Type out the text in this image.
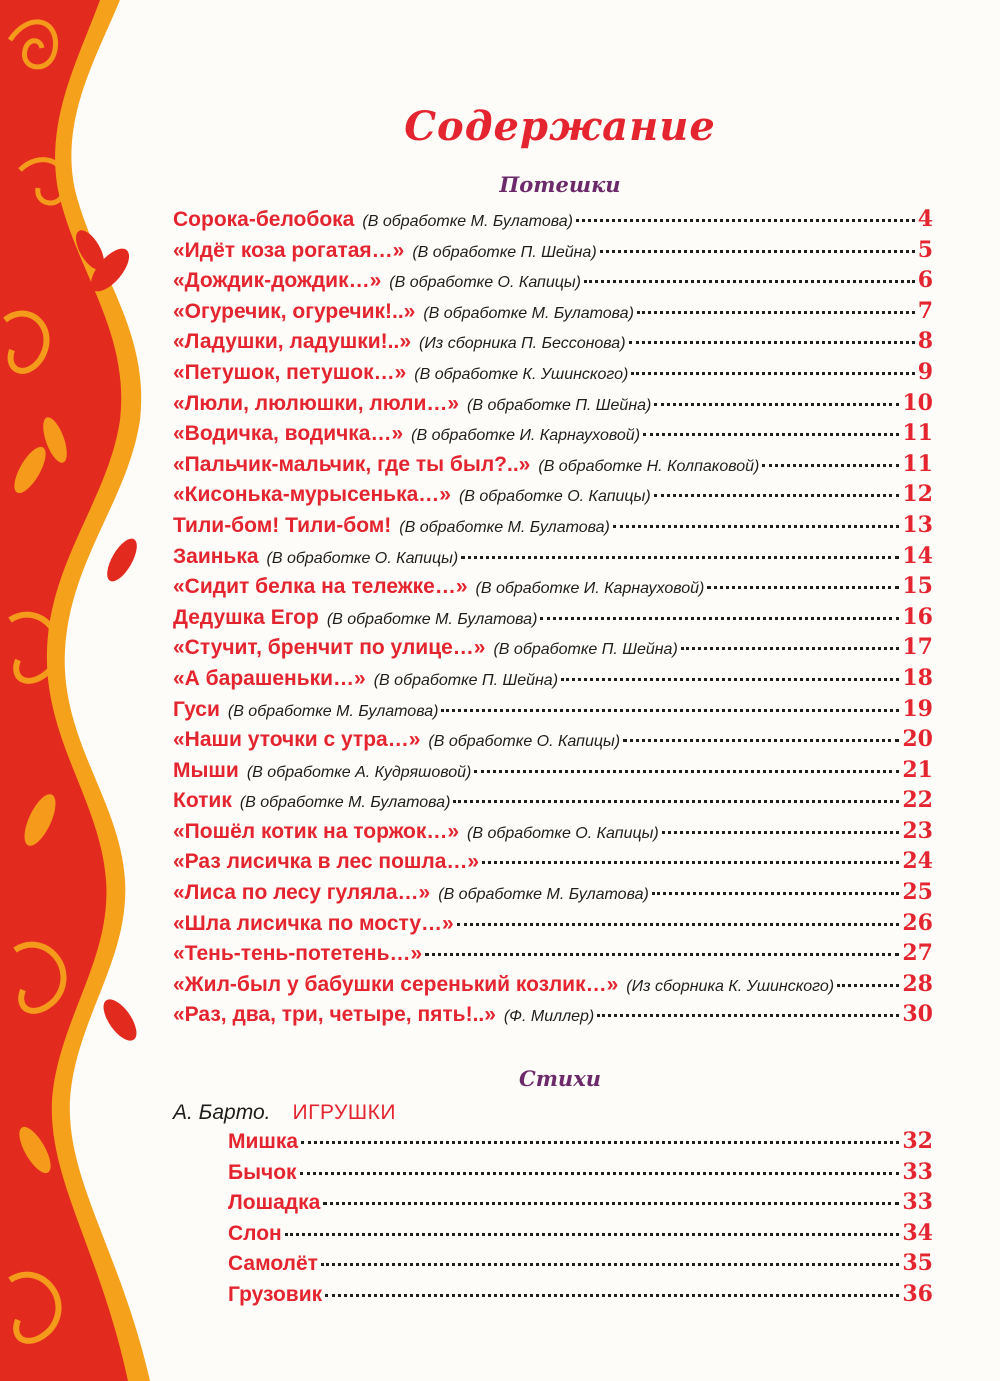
Содержание
Потешки
Сорока-белобока (В обработке М. Булатова)	4
«Идёт коза рогатая…» (В обработке П. Шейна)	5
«Дождик-дождик…» (В обработке О. Капицы)	6
«Огуречик, огуречик!..» (В обработке М. Булатова)	7
«Ладушки, ладушки!..» (Из сборника П. Бессонова)	8
«Петушок, петушок…» (В обработке К. Ушинского)	9
«Люли, люлюшки, люли…» (В обработке П. Шейна)	10
«Водичка, водичка…» (В обработке И. Карнауховой)	11
«Пальчик-мальчик, где ты был?..» (В обработке Н. Колпаковой)	11
«Кисонька-мурысенька…» (В обработке О. Капицы)	12
Тили-бом! Тили-бом! (В обработке М. Булатова)	13
Заинька (В обработке О. Капицы)	14
«Сидит белка на тележке…» (В обработке И. Карнауховой)	15
Дедушка Егор (В обработке М. Булатова)	16
«Стучит, бренчит по улице…» (В обработке П. Шейна)	17
«А барашеньки…» (В обработке П. Шейна)	18
Гуси (В обработке М. Булатова)	19
«Наши уточки с утра…» (В обработке О. Капицы)	20
Мыши (В обработке А. Кудряшовой)	21
Котик (В обработке М. Булатова)	22
«Пошёл котик на торжок…» (В обработке О. Капицы)	23
«Раз лисичка в лес пошла…»	24
«Лиса по лесу гуляла…» (В обработке М. Булатова)	25
«Шла лисичка по мосту…»	26
«Тень-тень-потетень…»	27
«Жил-был у бабушки серенький козлик…» (Из сборника К. Ушинского)	28
«Раз, два, три, четыре, пять!..» (Ф. Миллер)	30
Стихи
А. Барто. ИГРУШКИ
Мишка	32
Бычок	33
Лошадка	33
Слон	34
Самолёт	35
Грузовик	36
